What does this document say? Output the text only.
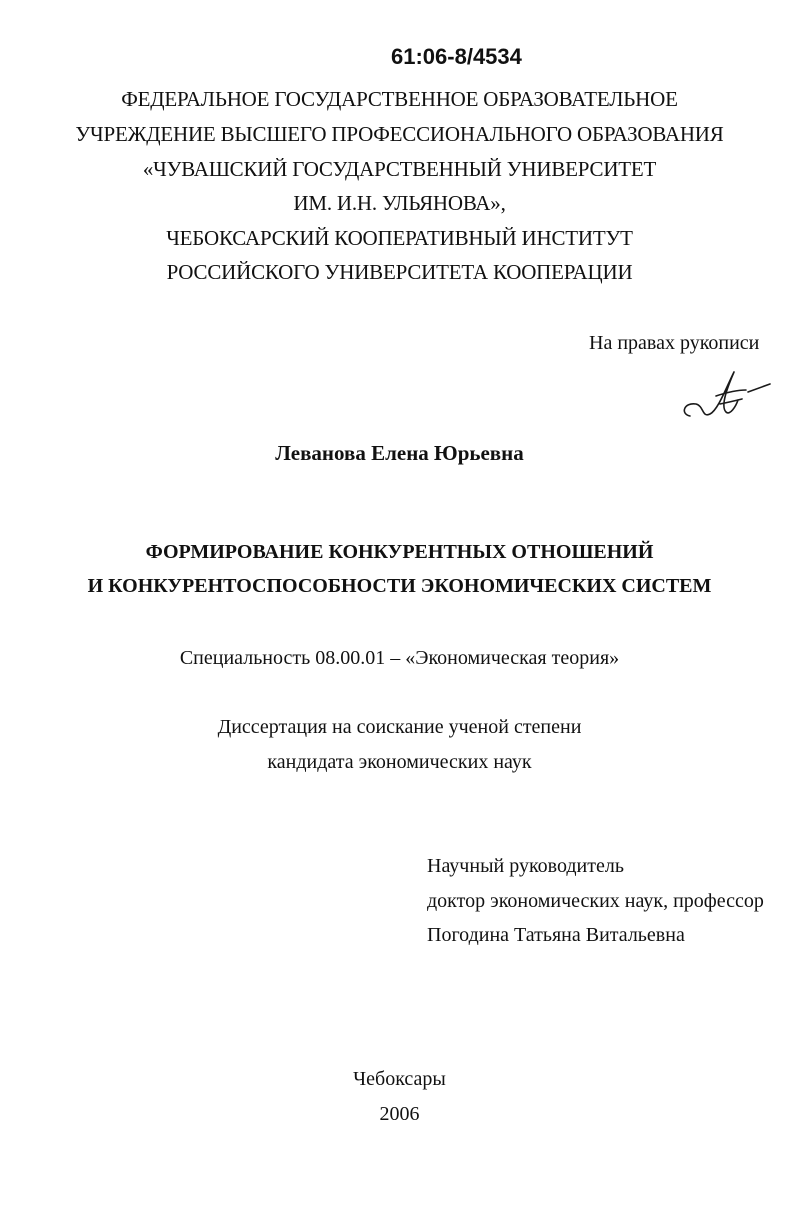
61:06-8/4534
ФЕДЕРАЛЬНОЕ ГОСУДАРСТВЕННОЕ ОБРАЗОВАТЕЛЬНОЕ
УЧРЕЖДЕНИЕ ВЫСШЕГО ПРОФЕССИОНАЛЬНОГО ОБРАЗОВАНИЯ
«ЧУВАШСКИЙ ГОСУДАРСТВЕННЫЙ УНИВЕРСИТЕТ
ИМ. И.Н. УЛЬЯНОВА»,
ЧЕБОКСАРСКИЙ КООПЕРАТИВНЫЙ ИНСТИТУТ
РОССИЙСКОГО УНИВЕРСИТЕТА КООПЕРАЦИИ
На правах рукописи
Леванова Елена Юрьевна
ФОРМИРОВАНИЕ КОНКУРЕНТНЫХ ОТНОШЕНИЙ
И КОНКУРЕНТОСПОСОБНОСТИ ЭКОНОМИЧЕСКИХ СИСТЕМ
Специальность 08.00.01 – «Экономическая теория»
Диссертация на соискание ученой степени
кандидата экономических наук
Научный руководитель
доктор экономических наук, профессор
Погодина Татьяна Витальевна
Чебоксары
2006
